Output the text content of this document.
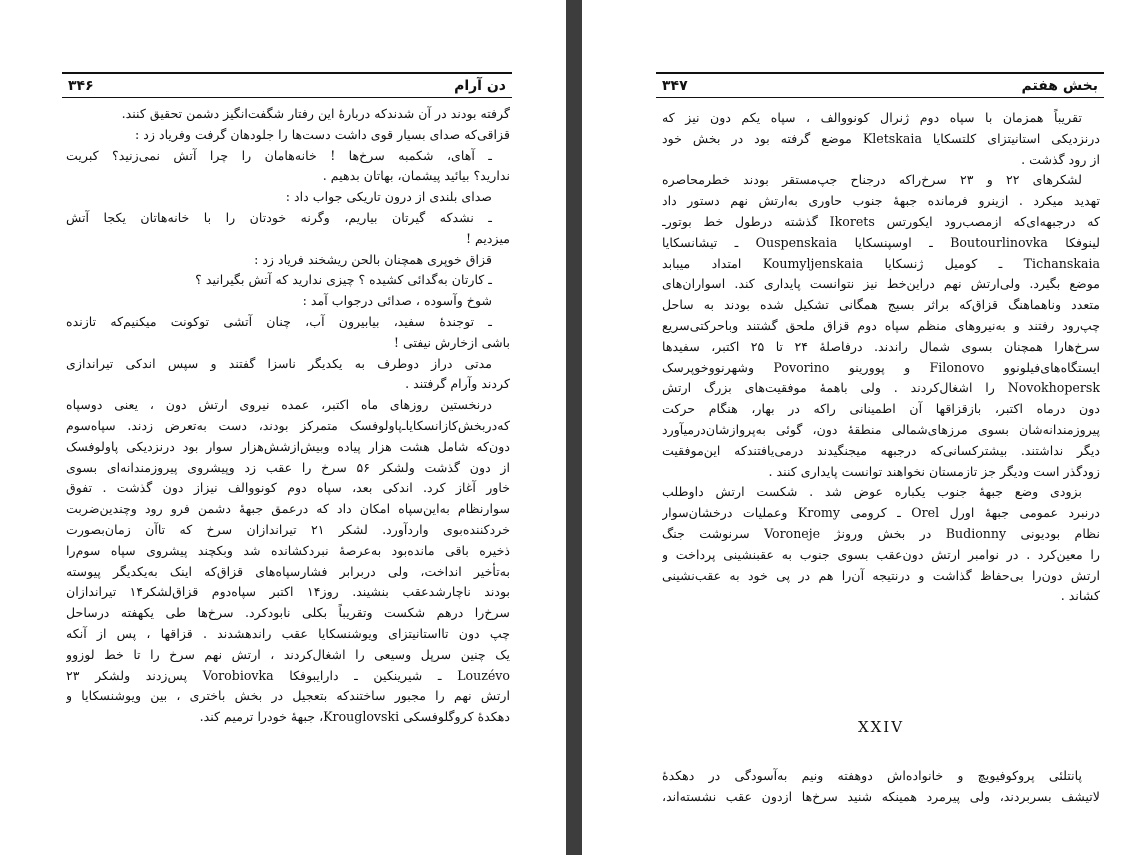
۳۴۶	دن آرام
گرفته بودند در آن شدندکه دربارهٔ این رفتار شگفت‌انگیز دشمن تحقیق کنند.
قزاقی‌که صدای بسیار قوی داشت دست‌ها را جلودهان گرفت وفریاد زد :
ـ آهای، شکمبه سرخ‌ها ! خانه‌هامان را چرا آتش نمی‌زنید؟ کبریت
ندارید؟ بیائید پیشمان، بهاتان بدهیم .
صدای بلندی از درون تاریکی جواب داد :
ـ نشدکه گیرتان بیاریم، وگرنه خودتان را با خانه‌هاتان یکجا آتش
میزدیم !
قزاق خوپری همچنان بالحن ریشخند فریاد زد :
ـ کارتان به‌گدائی کشیده ؟ چیزی ندارید که آتش بگیرانید ؟
شوخ وآسوده ، صدائی درجواب آمد :
ـ توجندهٔ سفید، بیا‌بیرون آب، چنان آتشی توکونت میکنیم‌که تازنده
باشی ازخارش نیفتی !
مدتی دراز دوطرف به یکدیگر ناسزا گفتند و سپس اندکی تیراندازی
کردند وآرام گرفتند .
درنخستین روزهای ماه اکتبر، عمده نیروی ارتش دون ، یعنی دوسپاه
که‌دربخش‌کازانسکایا‌ـ‌پاولوفسک متمرکز بودند، دست به‌تعرض زدند. سپاه‌سوم
دون‌که شامل هشت هزار پیاده وبیش‌ازشش‌هزار سوار بود درنزدیکی پاولوفسک
از دون گذشت ولشکر ۵۶ سرخ را عقب زد وپیشروی پیروزمندانه‌ای بسوی
خاور آغاز کرد. اندکی بعد، سپاه دوم کونووالف نیزاز دون گذشت . تفوق
سوارنظام به‌این‌سپاه امکان داد که درعمق جبههٔ دشمن فرو رود وچندین‌ضربت
خردکننده‌بوی واردآورد. لشکر ۲۱ تیراندازان سرخ که تاآن زمان‌بصورت
ذخیره باقی مانده‌بود به‌عرصهٔ نبردکشانده شد وبکچند پیشروی سپاه سوم‌را
به‌تأخیر انداخت، ولی دربرابر فشارسپاه‌های قزاق‌که اینک به‌یکدیگر پیوسته
بودند ناچارشدعقب بنشیند. روز۱۴ اکتبر سپاه‌دوم قزاق‌لشکر۱۴ تیراندازان
سرخ‌را درهم شکست وتقریباً بکلی نابودکرد. سرخ‌ها طی یکهفته درساحل
چپ دون تااستانیتزای ویوشنسکایا عقب راندهشدند . قزاقها ، پس از آنکه
یک چنین سرپل وسیعی را اشغال‌کردند ، ارتش نهم سرخ را تا خط لوزوو
Louzévo ـ شیرینکین ـ دارایبوفکا Vorobiovka پس‌زدند ولشکر ۲۳
ارتش نهم را مجبور ساختندکه بتعجیل در بخش باختری ، بین ویوشنسکایا و
دهکدهٔ کروگلوفسکی Krouglovski، جبههٔ خودرا ترمیم کند.
۳۴۷	بخش هفتم
تقریباً همزمان با سپاه دوم ژنرال کونووالف ، سپاه یکم دون نیز که
درنزدیکی استانیتزای کلتسکایا Kletskaia موضع گرفته بود در بخش خود
از رود گذشت .
لشکرهای ۲۲ و ۲۳ سرخ‌راکه درجناح جپ‌مستقر بودند خطرمحاصره
تهدید میکرد . ازینرو فرمانده جبههٔ جنوب حاوری به‌ارتش نهم دستور داد
که درجبهه‌ای‌که ازمصب‌رود ایکورتس Ikorets گذشته درطول خط بوتور‌ـ
لینوفکا Boutourlinovka ـ اوسپنسکایا Ouspenskaia ـ تیشانسکایا
Tichanskaia ـ کومیل ژنسکایا Koumyljenskaia امتداد میبابد
موضع بگیرد. ولی‌ارتش نهم دراین‌خط نیز نتوانست پایداری کند. اسواران‌های
متعدد وناهماهنگ قزاق‌که براثر بسیج همگانی تشکیل شده بودند به ساحل
چپ‌رود رفتند و به‌نیروهای منظم سپاه دوم قزاق ملحق گشتند وباحرکتی‌سریع
سرخ‌هارا همچنان بسوی شمال راندند. درفاصلهٔ ۲۴ تا ۲۵ اکتبر، سفیدها
ایستگاه‌های‌فیلونوو Filonovo و پوورینو Povorino وشهرنووخوپرسک
Novokhopersk را اشغال‌کردند . ولی باهمهٔ موفقیت‌های بزرگ ارتش
دون درماه اکتبر، بازقزاقها آن اطمینانی راکه در بهار، هنگام حرکت
پیروزمندانه‌شان بسوی مرزهای‌شمالی منطقهٔ دون، گوئی به‌پروازشان‌درمیآورد
دیگر نداشتند. بیشترکسانی‌که درجبهه میجنگیدند درمی‌یافتندکه این‌موفقیت
زودگذر است ودیگر جز تازمستان نخواهند توانست پایداری کنند .
بزودی وضع جبههٔ جنوب یکباره عوض شد . شکست ارتش داوطلب
درنبرد عمومی جبههٔ اورل Orel ـ کرومی Kromy وعملیات درخشان‌سوار
نظام بودیونی Budionny در بخش ورونژ Voroneje سرنوشت جنگ
را معین‌کرد . در نوامبر ارتش دون‌عقب بسوی جنوب به عقبنشینی پرداخت و
ارتش دون‌را بی‌حفاظ گذاشت و درنتیجه آن‌را هم در پی خود به عقب‌نشینی
کشاند .
XXIV
پانتلئی پروکوفیویچ و خانواده‌اش دوهفته ونیم به‌آسودگی در دهکدهٔ
لاتیشف بسربردند، ولی پیرمرد همینکه شنید سرخ‌ها ازدون عقب نشسته‌اند،
